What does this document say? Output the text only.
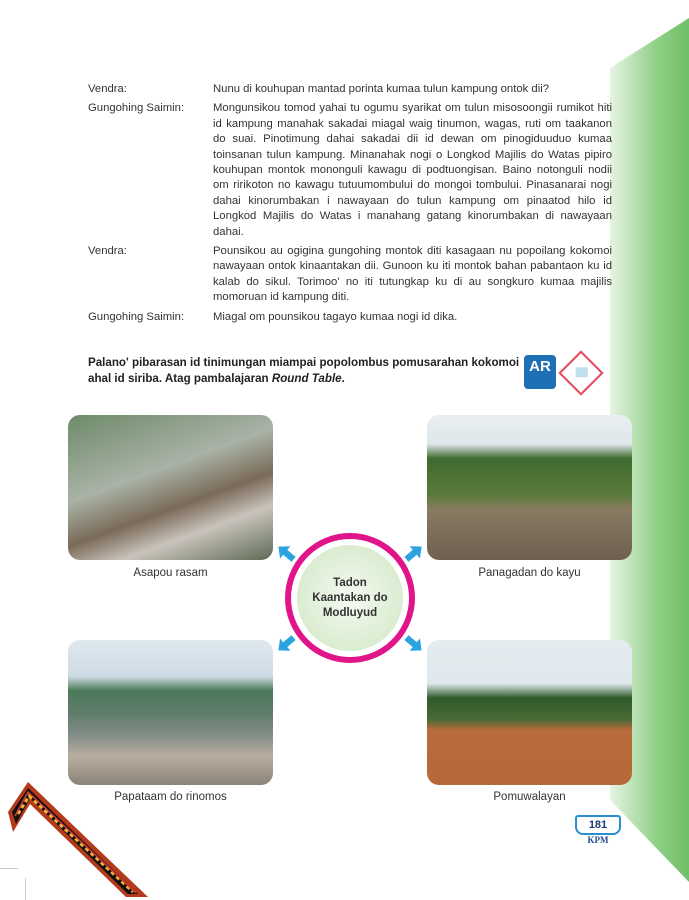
Vendra:	Nunu di kouhupan mantad porinta kumaa tulun kampung ontok dii?
Gungohing Saimin:	Mongunsikou tomod yahai tu ogumu syarikat om tulun misosoongii rumikot hiti id kampung manahak sakadai miagal waig tinumon, wagas, ruti om taakanon do suai. Pinotimung dahai sakadai dii id dewan om pinogiduuduo kumaa toinsanan tulun kampung. Minanahak nogi o Longkod Majilis do Watas pipiro kouhupan montok mononguli kawagu di podtuongisan. Baino notonguli nodii om ririkoton no kawagu tutuumombului do mongoi tombului. Pinasanarai nogi dahai kinorumbakan i nawayaan do tulun kampung om pinaatod hilo id Longkod Majilis do Watas i manahang gatang kinorumbakan di nawayaan dahai.
Vendra:	Pounsikou au ogigina gungohing montok diti kasagaan nu popoilang kokomoi nawayaan ontok kinaantakan dii. Gunoon ku iti montok bahan pabantaon ku id kalab do sikul. Torimoo' no iti tutungkap ku di au songkuro kumaa majilis momoruan id kampung diti.
Gungohing Saimin:	Miagal om pounsikou tagayo kumaa nogi id dika.
Palano' pibarasan id tinimungan miampai popolombus pomusarahan kokomoi ahal id siriba. Atag pambalajaran Round Table.
AR
Asapou rasam	Panagadan do kayu
Papataam do rinomos	Pomuwalayan
Tadon
Kaantakan do
Modluyud
181
KPM
